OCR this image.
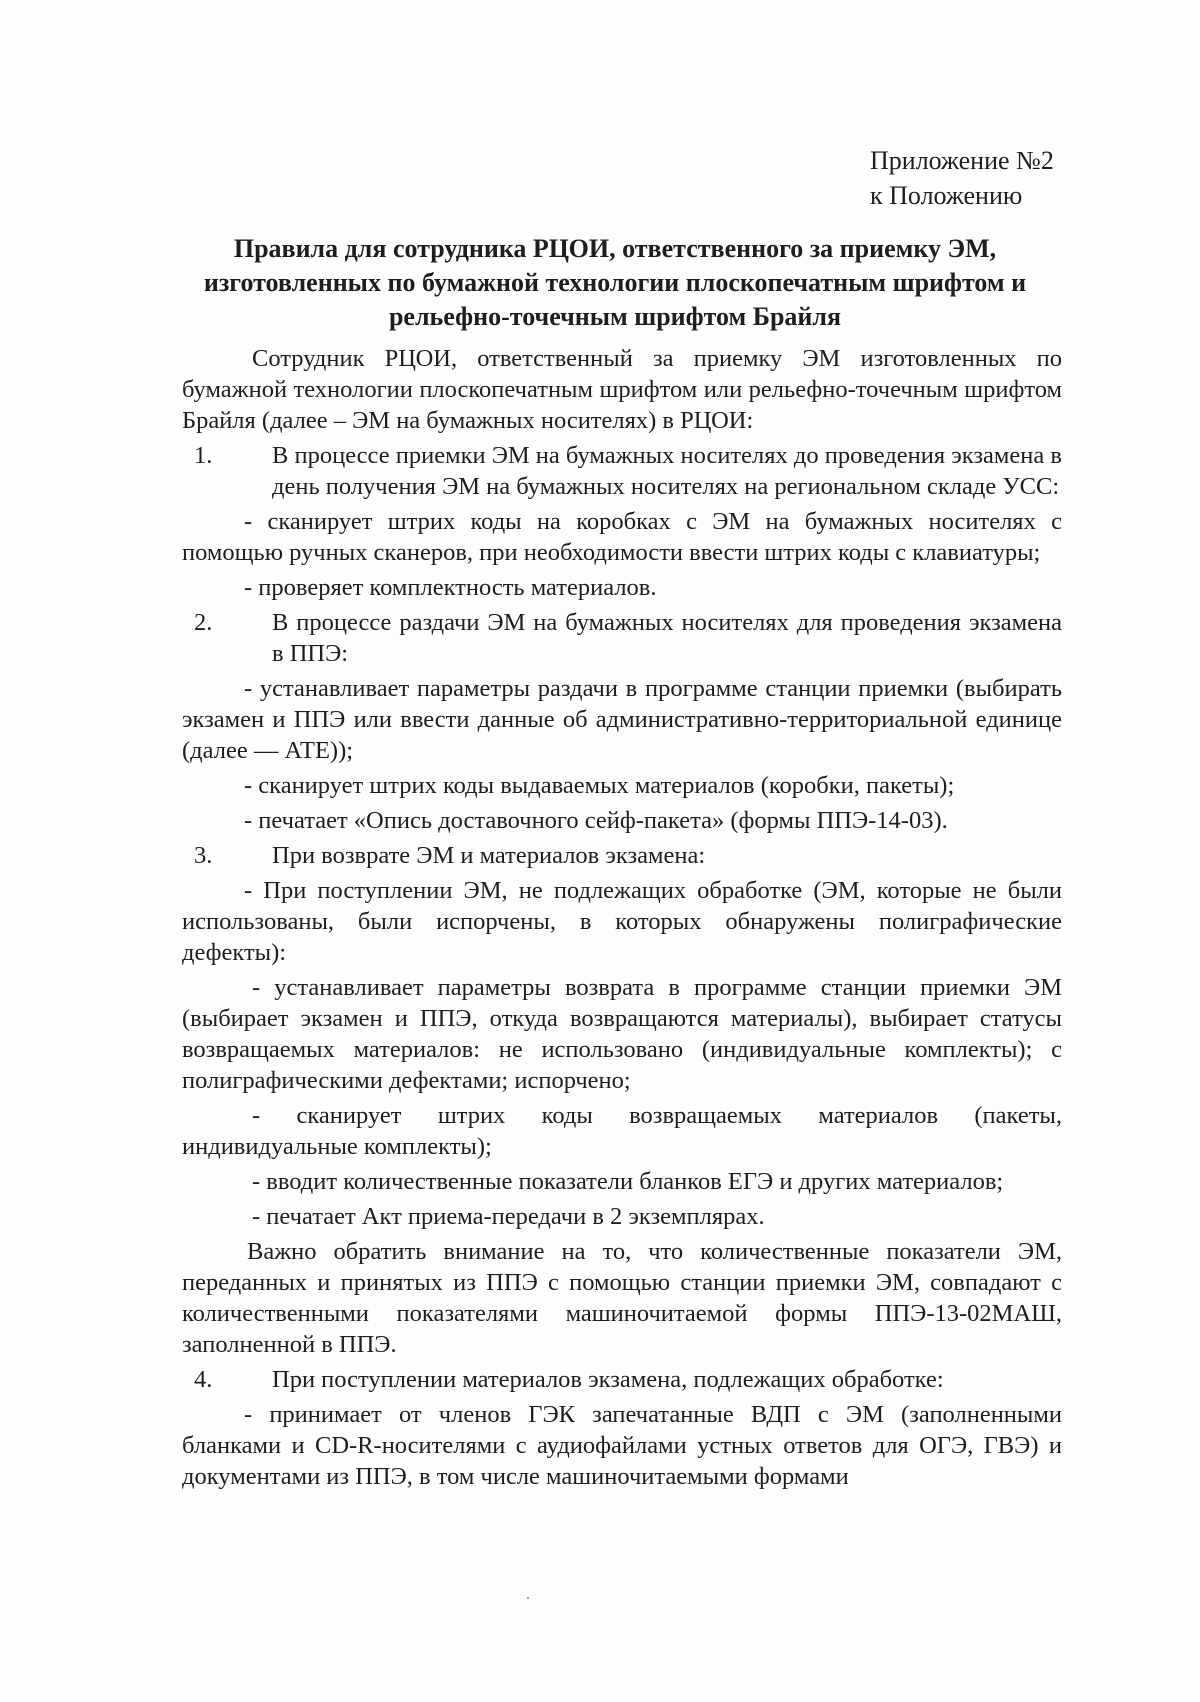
Приложение №2
к Положению
Правила для сотрудника РЦОИ, ответственного за приемку ЭМ,
изготовленных по бумажной технологии плоскопечатным шрифтом и
рельефно-точечным шрифтом Брайля

Сотрудник РЦОИ, ответственный за приемку ЭМ изготовленных по бумажной технологии плоскопечатным шрифтом или рельефно-точечным шрифтом Брайля (далее – ЭМ на бумажных носителях) в РЦОИ:

1.	В процессе приемки ЭМ на бумажных носителях до проведения экзамена в день получения ЭМ на бумажных носителях на региональном складе УСС:

- сканирует штрих коды на коробках с ЭМ на бумажных носителях с помощью ручных сканеров, при необходимости ввести штрих коды с клавиатуры;

- проверяет комплектность материалов.

2.	В процессе раздачи ЭМ на бумажных носителях для проведения экзамена в ППЭ:

- устанавливает параметры раздачи в программе станции приемки (выбирать экзамен и ППЭ или ввести данные об административно-территориальной единице (далее — АТЕ));

- сканирует штрих коды выдаваемых материалов (коробки, пакеты);

- печатает «Опись доставочного сейф-пакета» (формы ППЭ-14-03).

3.	При возврате ЭМ и материалов экзамена:

- При поступлении ЭМ, не подлежащих обработке (ЭМ, которые не были использованы, были испорчены, в которых обнаружены полиграфические дефекты):

- устанавливает параметры возврата в программе станции приемки ЭМ (выбирает экзамен и ППЭ, откуда возвращаются материалы), выбирает статусы возвращаемых материалов: не использовано (индивидуальные комплекты); с полиграфическими дефектами; испорчено;

- сканирует штрих коды возвращаемых материалов (пакеты, индивидуальные комплекты);

- вводит количественные показатели бланков ЕГЭ и других материалов;

- печатает Акт приема-передачи в 2 экземплярах.

Важно обратить внимание на то, что количественные показатели ЭМ, переданных и принятых из ППЭ с помощью станции приемки ЭМ, совпадают с количественными показателями машиночитаемой формы ППЭ-13-02МАШ, заполненной в ППЭ.

4.	При поступлении материалов экзамена, подлежащих обработке:

- принимает от членов ГЭК запечатанные ВДП с ЭМ (заполненными бланками и CD-R-носителями с аудиофайлами устных ответов для ОГЭ, ГВЭ) и документами из ППЭ, в том числе машиночитаемыми формами
